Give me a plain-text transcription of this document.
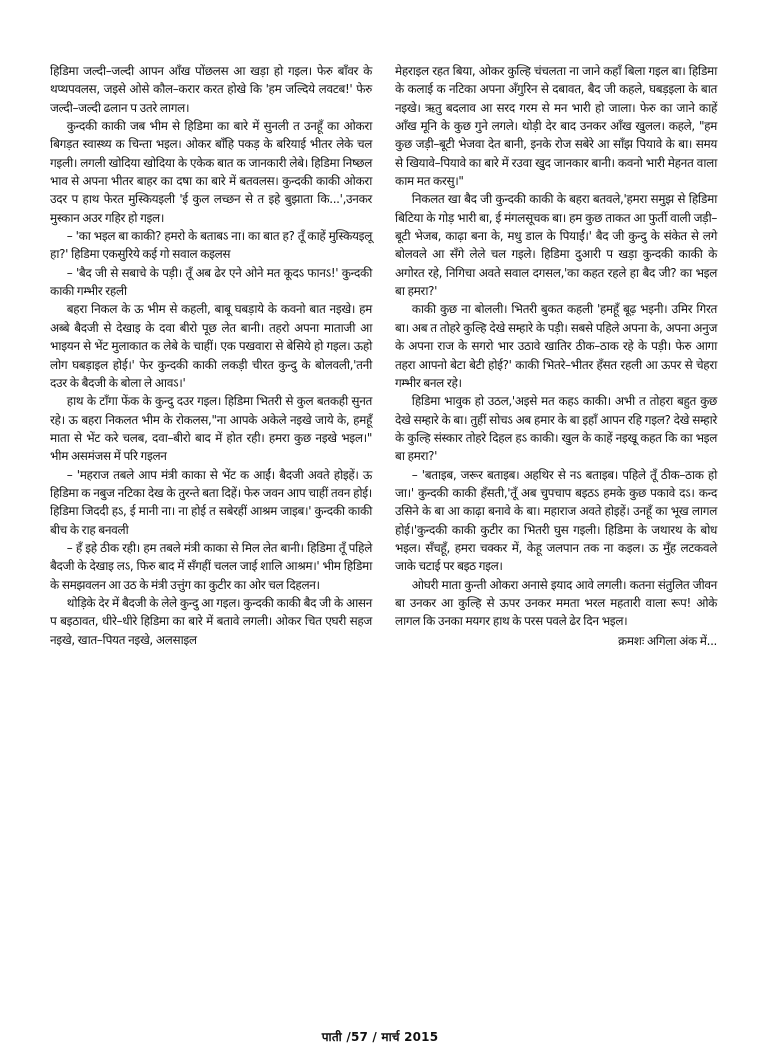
हिडिमा जल्दी–जल्दी आपन आँख पोंछलस आ खड़ा हो गइल। फेरु बाँवर के थप्थपवलस, जइसे ओसे कौल–करार करत होखे कि 'हम जल्दिये लवटब!' फेरु जल्दी–जल्दी ढलान प उतरे लागल।

कुन्दकी काकी जब भीम से हिडिमा का बारे में सुनली त उनहूँ का ओकरा बिगड़त स्वास्थ्य क चिन्ता भइल। ओकर बाँहि पकड़ के बरियाई भीतर लेके चल गइली। लगली खोदिया खोदिया के एकेक बात क जानकारी लेबे। हिडिमा निष्छल भाव से अपना भीतर बाहर का दषा का बारे में बतवलस। कुन्दकी काकी ओकरा उदर प हाथ फेरत मुस्कियइली 'ई कुल लच्छन से त इहे बुझाता कि...',उनकर मुस्कान अउर गहिर हो गइल।

– 'का भइल बा काकी? हमरो के बताबऽ ना। का बात ह? तूँ काहें मुस्कियइलू हा?' हिडिमा एकसुरिये कई गो सवाल कइलस

– 'बैद जी से सबाचे के पड़ी। तूँ अब ढेर एने ओने मत कूदऽ फानऽ!' कुन्दकी काकी गम्भीर रहली

बहरा निकल के ऊ भीम से कहली, बाबू घबड़ाये के कवनो बात नइखे। हम अब्बे बैदजी से देखाइ के दवा बीरो पूछ लेत बानी। तहरो अपना माताजी आ भाइयन से भेंट मुलाकात क लेबे के चाहीं। एक पखवारा से बेसिये हो गइल। ऊहो लोग घबड़ाइल होई।' फेर कुन्दकी काकी लकड़ी चीरत कुन्दु के बोलवली,'तनी दउर के बैदजी के बोला ले आवऽ।'

हाथ के टाँगा फेंक के कुन्दु दउर गइल। हिडिमा भितरी से कुल बतकही सुनत रहे। ऊ बहरा निकलत भीम के रोकलस,"ना आपके अकेले नइखे जाये के, हमहूँ माता से भेंट करे चलब, दवा–बीरो बाद में होत रही। हमरा कुछ नइखे भइल।" भीम असमंजस में परि गइलन

– 'महराज तबले आप मंत्री काका से भेंट क आईं। बैदजी अवते होइहें। ऊ हिडिमा क नबुज नटिका देख के तुरन्ते बता दिहें। फेरु जवन आप चाहीं तवन होई। हिडिमा जिददी हऽ, ई मानी ना। ना होई त सबेरहीं आश्रम जाइब।' कुन्दकी काकी बीच के राह बनवली

– हँ इहे ठीक रही। हम तबले मंत्री काका से मिल लेत बानी। हिडिमा तूँ पहिले बैदजी के देखाइ लऽ, फिरु बाद में सँगहीं चलल जाई शालि आश्रम।' भीम हिडिमा के समझवलन आ उठ के मंत्री उत्तुंग का कुटीर का ओर चल दिहलन।

थोड़िके देर में बैदजी के लेले कुन्दु आ गइल। कुन्दकी काकी बैद जी के आसन प बइठावत, धीरे–धीरे हिडिमा का बारे में बतावे लगली। ओकर चित एघरी सहज नइखे, खात–पियत नइखे, अलसाइल

मेहराइल रहत बिया, ओकर कुल्हि चंचलता ना जाने कहाँ बिला गइल बा। हिडिमा के कलाई क नटिका अपना अँगुरिन से दबावत, बैद जी कहले, घबड़इला के बात नइखे। ऋतु बदलाव आ सरद गरम से मन भारी हो जाला। फेरु का जाने काहें आँख मूनि के कुछ गुने लगले। थोड़ी देर बाद उनकर आँख खुलल। कहले, "हम कुछ जड़ी–बूटी भेजवा देत बानी, इनके रोज सबेरे आ साँझ पियावे के बा। समय से खियावे–पियावे का बारे में रउवा खुद जानकार बानी। कवनो भारी मेहनत वाला काम मत करसु।"

निकलत खा बैद जी कुन्दकी काकी के बहरा बतवले,'हमरा समुझ से हिडिमा बिटिया के गोड़ भारी बा, ई मंगलसूचक बा। हम कुछ ताकत आ फुर्ती वाली जड़ी–बूटी भेजब, काढ़ा बना के, मधु डाल के पियाईं।' बैद जी कुन्दु के संकेत से लगे बोलवले आ सँगे लेले चल गइले। हिडिमा दुआरी प खड़ा कुन्दकी काकी के अगोरत रहे, निगिचा अवते सवाल दगसल,'का कहत रहले हा बैद जी? का भइल बा हमरा?'

काकी कुछ ना बोलली। भितरी बुकत कहली 'हमहूँ बूढ़ भइनी। उमिर गिरत बा। अब त तोहरे कुल्हि देखे सम्हारे के पड़ी। सबसे पहिले अपना के, अपना अनुज के अपना राज के सगरो भार उठावे खातिर ठीक–ठाक रहे के पड़ी। फेरु आगा तहरा आपनो बेटा बेटी होई?' काकी भितरे–भीतर हँसत रहली आ ऊपर से चेहरा गम्भीर बनल रहे।

हिडिमा भावुक हो उठल,'अइसे मत कहऽ काकी। अभी त तोहरा बहुत कुछ देखे सम्हारे के बा। तुहीं सोचऽ अब हमार के बा इहाँ आपन रहि गइल? देखे सम्हारे के कुल्हि संस्कार तोहरे दिहल हऽ काकी। खुल के काहें नइखू कहत कि का भइल बा हमरा?'

– 'बताइब, जरूर बताइब। अहथिर से नऽ बताइब। पहिले तूँ ठीक–ठाक हो जा।' कुन्दकी काकी हँसती,'तूँ अब चुपचाप बइठऽ हमके कुछ पकावे दऽ। कन्द उसिने के बा आ काढ़ा बनावे के बा। महाराज अवते होइहें। उनहूँ का भूख लागल होई।'कुन्दकी काकी कुटीर का भितरी घुस गइली। हिडिमा के जथारथ के बोध भइल। सँचहूँ, हमरा चक्कर में, केहू जलपान तक ना कइल। ऊ मुँह लटकवले जाके चटाई पर बइठ गइल।

ओघरी माता कुन्ती ओकरा अनासे इयाद आवे लगली। कतना संतुलित जीवन बा उनकर आ कुल्हि से ऊपर उनकर ममता भरल महतारी वाला रूप! ओके लागल कि उनका मयगर हाथ के परस पवले ढेर दिन भइल।

क्रमशः अगिला अंक में...

पाती /57 / मार्च 2015
